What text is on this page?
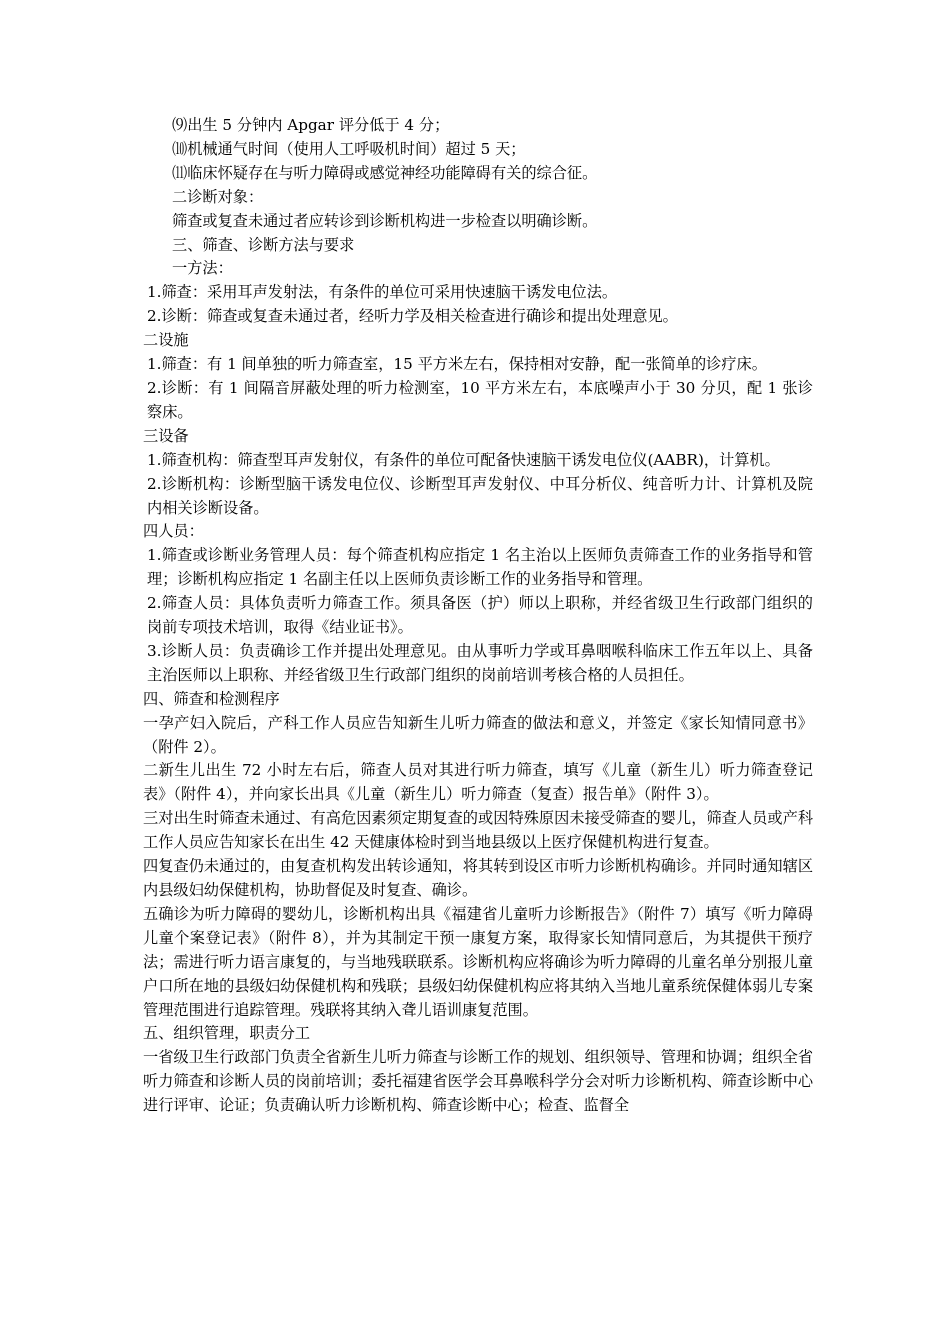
⑼出生 5 分钟内 Apgar 评分低于 4 分；
⑽机械通气时间（使用人工呼吸机时间）超过 5 天；
⑾临床怀疑存在与听力障碍或感觉神经功能障碍有关的综合征。
二诊断对象：
筛查或复查未通过者应转诊到诊断机构进一步检查以明确诊断。
三、筛查、诊断方法与要求
一方法：
1.筛查：采用耳声发射法，有条件的单位可采用快速脑干诱发电位法。
2.诊断：筛查或复查未通过者，经听力学及相关检查进行确诊和提出处理意见。
二设施
1.筛查：有 1 间单独的听力筛查室，15 平方米左右，保持相对安静，配一张简单的诊疗床。

2.诊断：有 1 间隔音屏蔽处理的听力检测室，10 平方米左右，本底噪声小于 30 分贝，配 1 张诊察床。

三设备

1.筛查机构：筛查型耳声发射仪，有条件的单位可配备快速脑干诱发电位仪(AABR)，计算机。

2.诊断机构：诊断型脑干诱发电位仪、诊断型耳声发射仪、中耳分析仪、纯音听力计、计算机及院内相关诊断设备。

四人员：

1.筛查或诊断业务管理人员：每个筛查机构应指定 1 名主治以上医师负责筛查工作的业务指导和管理；诊断机构应指定 1 名副主任以上医师负责诊断工作的业务指导和管理。

2.筛查人员：具体负责听力筛查工作。须具备医（护）师以上职称，并经省级卫生行政部门组织的岗前专项技术培训，取得《结业证书》。

3.诊断人员：负责确诊工作并提出处理意见。由从事听力学或耳鼻咽喉科临床工作五年以上、具备主治医师以上职称、并经省级卫生行政部门组织的岗前培训考核合格的人员担任。

四、筛查和检测程序

一孕产妇入院后，产科工作人员应告知新生儿听力筛查的做法和意义，并签定《家长知情同意书》（附件 2）。

二新生儿出生 72 小时左右后，筛查人员对其进行听力筛查，填写《儿童（新生儿）听力筛查登记表》（附件 4），并向家长出具《儿童（新生儿）听力筛查（复查）报告单》（附件 3）。

三对出生时筛查未通过、有高危因素须定期复查的或因特殊原因未接受筛查的婴儿，筛查人员或产科工作人员应告知家长在出生 42 天健康体检时到当地县级以上医疗保健机构进行复查。

四复查仍未通过的，由复查机构发出转诊通知，将其转到设区市听力诊断机构确诊。并同时通知辖区内县级妇幼保健机构，协助督促及时复查、确诊。

五确诊为听力障碍的婴幼儿，诊断机构出具《福建省儿童听力诊断报告》（附件 7）填写《听力障碍儿童个案登记表》（附件 8），并为其制定干预一康复方案，取得家长知情同意后，为其提供干预疗法；需进行听力语言康复的，与当地残联联系。诊断机构应将确诊为听力障碍的儿童名单分别报儿童户口所在地的县级妇幼保健机构和残联；县级妇幼保健机构应将其纳入当地儿童系统保健体弱儿专案管理范围进行追踪管理。残联将其纳入聋儿语训康复范围。

五、组织管理，职责分工

一省级卫生行政部门负责全省新生儿听力筛查与诊断工作的规划、组织领导、管理和协调；组织全省听力筛查和诊断人员的岗前培训；委托福建省医学会耳鼻喉科学分会对听力诊断机构、筛查诊断中心进行评审、论证；负责确认听力诊断机构、筛查诊断中心；检查、监督全
